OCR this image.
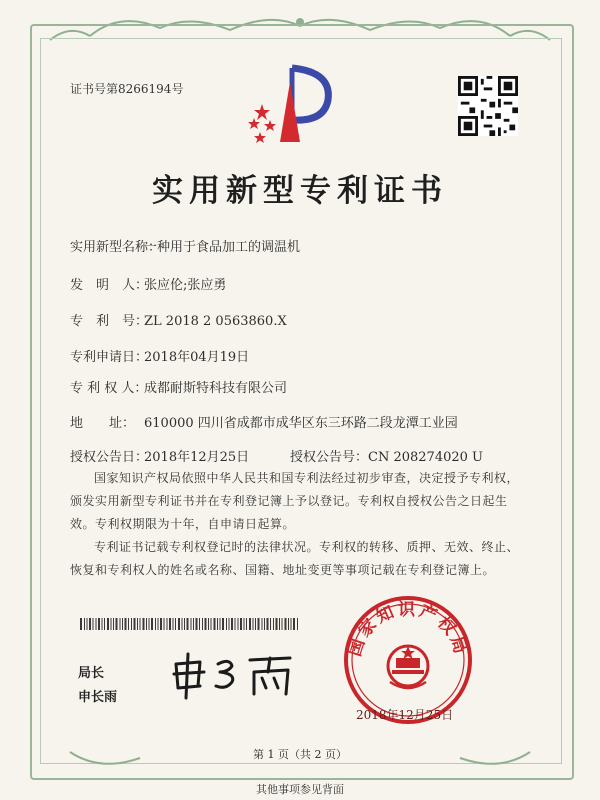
证书号第8266194号
实用新型专利证书
实用新型名称：一种用于食品加工的调温机
发　明　人：张应伦;张应勇
专　利　号：ZL 2018 2 0563860.X
专利申请日：2018年04月19日
专 利 权 人：成都耐斯特科技有限公司
地　　址： 610000 四川省成都市成华区东三环路二段龙潭工业园
授权公告日：2018年12月25日	授权公告号：CN 208274020 U
国家知识产权局依照中华人民共和国专利法经过初步审查，决定授予专利权，颁发实用新型专利证书并在专利登记簿上予以登记。专利权自授权公告之日起生效。专利权期限为十年，自申请日起算。
专利证书记载专利权登记时的法律状况。专利权的转移、质押、无效、终止、恢复和专利权人的姓名或名称、国籍、地址变更等事项记载在专利登记簿上。
局长
申长雨
国家知识产权局
2018年12月25日
第 1 页（共 2 页）
其他事项参见背面
